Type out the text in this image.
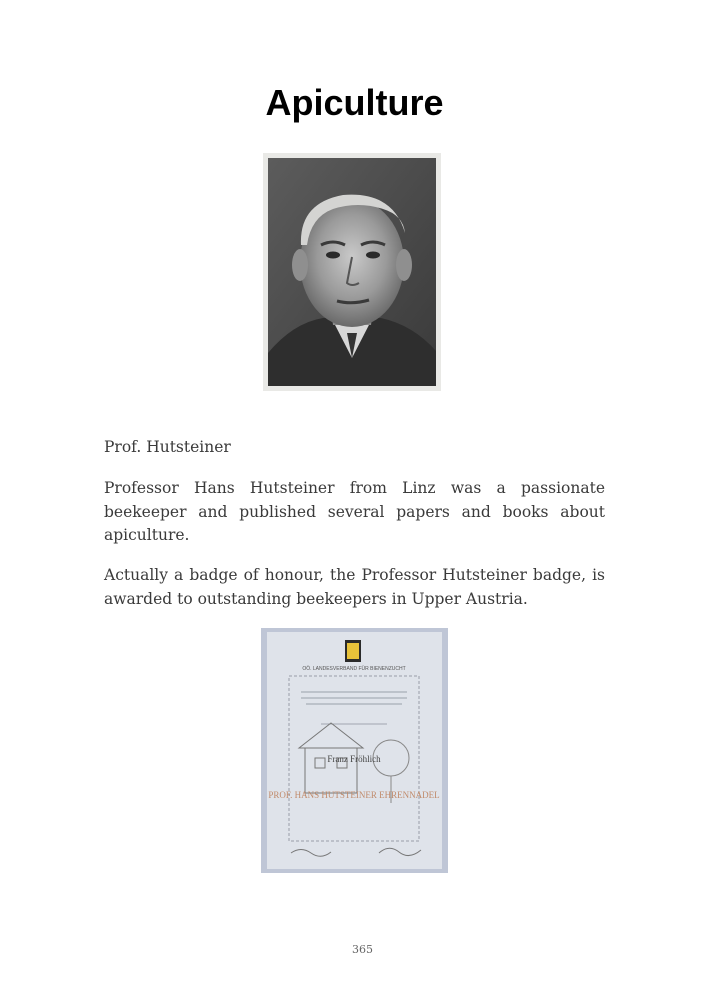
Apiculture

Prof. Hutsteiner

Professor Hans Hutsteiner from Linz was a passionate beekeeper and published several papers and books about apiculture.

Actually a badge of honour, the Professor Hutsteiner badge, is awarded to outstanding beekeepers in Upper Austria.

OÖ. LANDESVERBAND FÜR BIENENZUCHT
Franz Fröhlich
PROF. HANS HUTSTEINER EHRENNADEL
365
